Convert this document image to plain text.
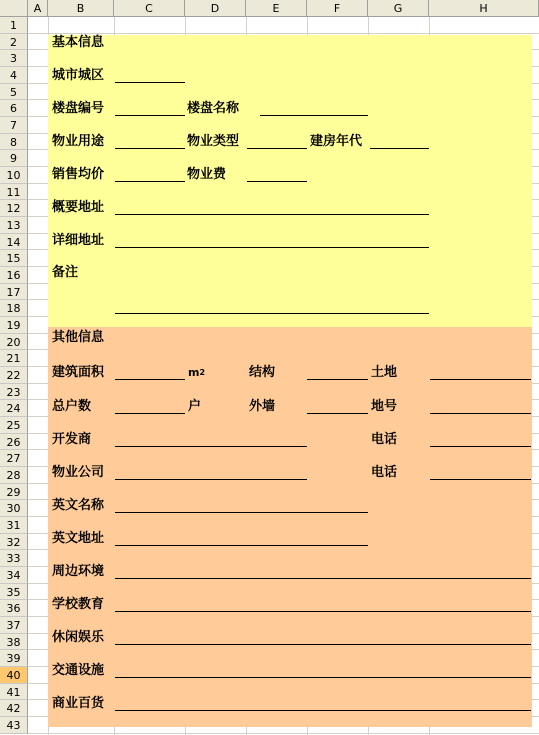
A	B	C	D	E	F	G	H
1
2
3
4
5
6
7
8
9
10
11
12
13
14
15
16
17
18
19
20
21
22
23
24
25
26
27
28
29
30
31
32
33
34
35
36
37
38
39
40
41
42
43
基本信息
城市城区
楼盘编号	楼盘名称
物业用途	物业类型	建房年代
销售均价	物业费
概要地址
详细地址
备注
其他信息
建筑面积	$m^2$	结构	土地
总户数	户	外墙	地号
开发商	电话
物业公司	电话
英文名称
英文地址
周边环境
学校教育
休闲娱乐
交通设施
商业百货
